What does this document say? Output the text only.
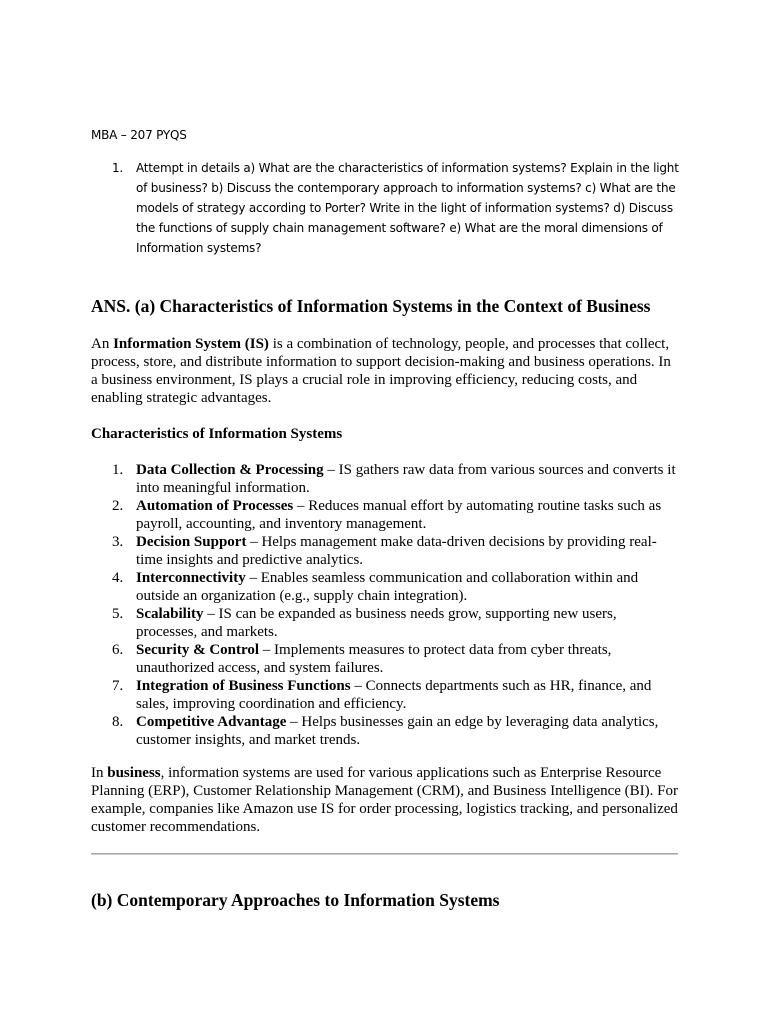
MBA – 207 PYQS

1. Attempt in details a) What are the characteristics of information systems? Explain in the light of business? b) Discuss the contemporary approach to information systems? c) What are the models of strategy according to Porter? Write in the light of information systems? d) Discuss the functions of supply chain management software? e) What are the moral dimensions of Information systems?
ANS. (a) Characteristics of Information Systems in the Context of Business

An Information System (IS) is a combination of technology, people, and processes that collect, process, store, and distribute information to support decision-making and business operations. In a business environment, IS plays a crucial role in improving efficiency, reducing costs, and enabling strategic advantages.

Characteristics of Information Systems

1. Data Collection & Processing – IS gathers raw data from various sources and converts it into meaningful information.
2. Automation of Processes – Reduces manual effort by automating routine tasks such as payroll, accounting, and inventory management.
3. Decision Support – Helps management make data-driven decisions by providing real-time insights and predictive analytics.
4. Interconnectivity – Enables seamless communication and collaboration within and outside an organization (e.g., supply chain integration).
5. Scalability – IS can be expanded as business needs grow, supporting new users, processes, and markets.
6. Security & Control – Implements measures to protect data from cyber threats, unauthorized access, and system failures.
7. Integration of Business Functions – Connects departments such as HR, finance, and sales, improving coordination and efficiency.
8. Competitive Advantage – Helps businesses gain an edge by leveraging data analytics, customer insights, and market trends.

In business, information systems are used for various applications such as Enterprise Resource Planning (ERP), Customer Relationship Management (CRM), and Business Intelligence (BI). For example, companies like Amazon use IS for order processing, logistics tracking, and personalized customer recommendations.

(b) Contemporary Approaches to Information Systems
